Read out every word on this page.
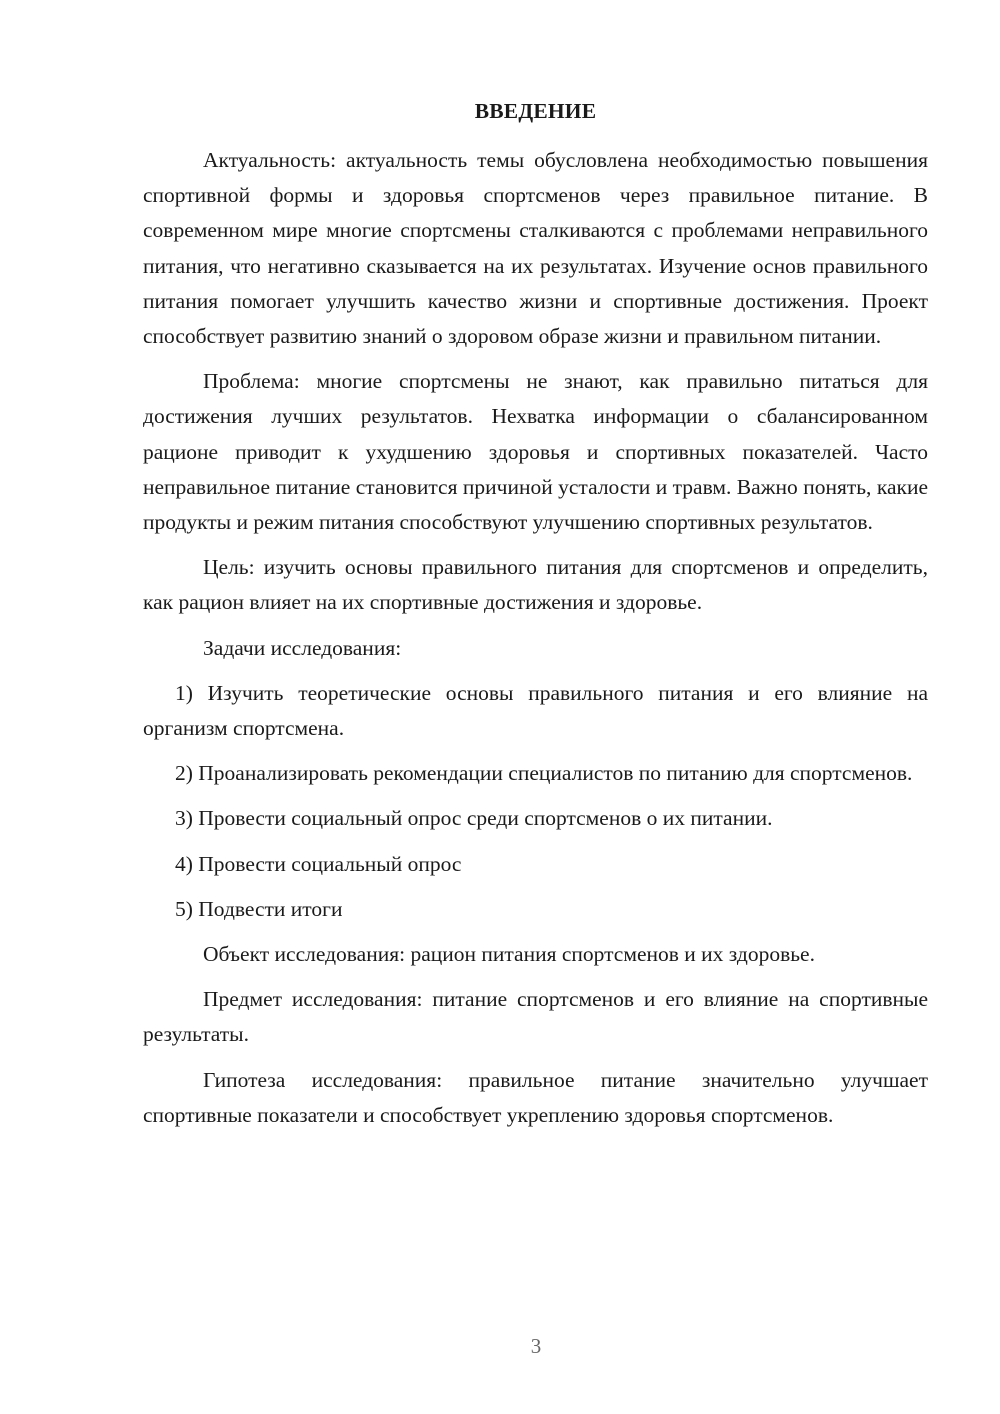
ВВЕДЕНИЕ

Актуальность: актуальность темы обусловлена необходимостью повышения спортивной формы и здоровья спортсменов через правильное питание. В современном мире многие спортсмены сталкиваются с проблемами неправильного питания, что негативно сказывается на их результатах. Изучение основ правильного питания помогает улучшить качество жизни и спортивные достижения. Проект способствует развитию знаний о здоровом образе жизни и правильном питании.

Проблема: многие спортсмены не знают, как правильно питаться для достижения лучших результатов. Нехватка информации о сбалансированном рационе приводит к ухудшению здоровья и спортивных показателей. Часто неправильное питание становится причиной усталости и травм. Важно понять, какие продукты и режим питания способствуют улучшению спортивных результатов.

Цель: изучить основы правильного питания для спортсменов и определить, как рацион влияет на их спортивные достижения и здоровье.

Задачи исследования:

1) Изучить теоретические основы правильного питания и его влияние на организм спортсмена.

2) Проанализировать рекомендации специалистов по питанию для спортсменов.

3) Провести социальный опрос среди спортсменов о их питании.

4) Провести социальный опрос

5) Подвести итоги

Объект исследования: рацион питания спортсменов и их здоровье.

Предмет исследования: питание спортсменов и его влияние на спортивные результаты.

Гипотеза исследования: правильное питание значительно улучшает спортивные показатели и способствует укреплению здоровья спортсменов.

3
